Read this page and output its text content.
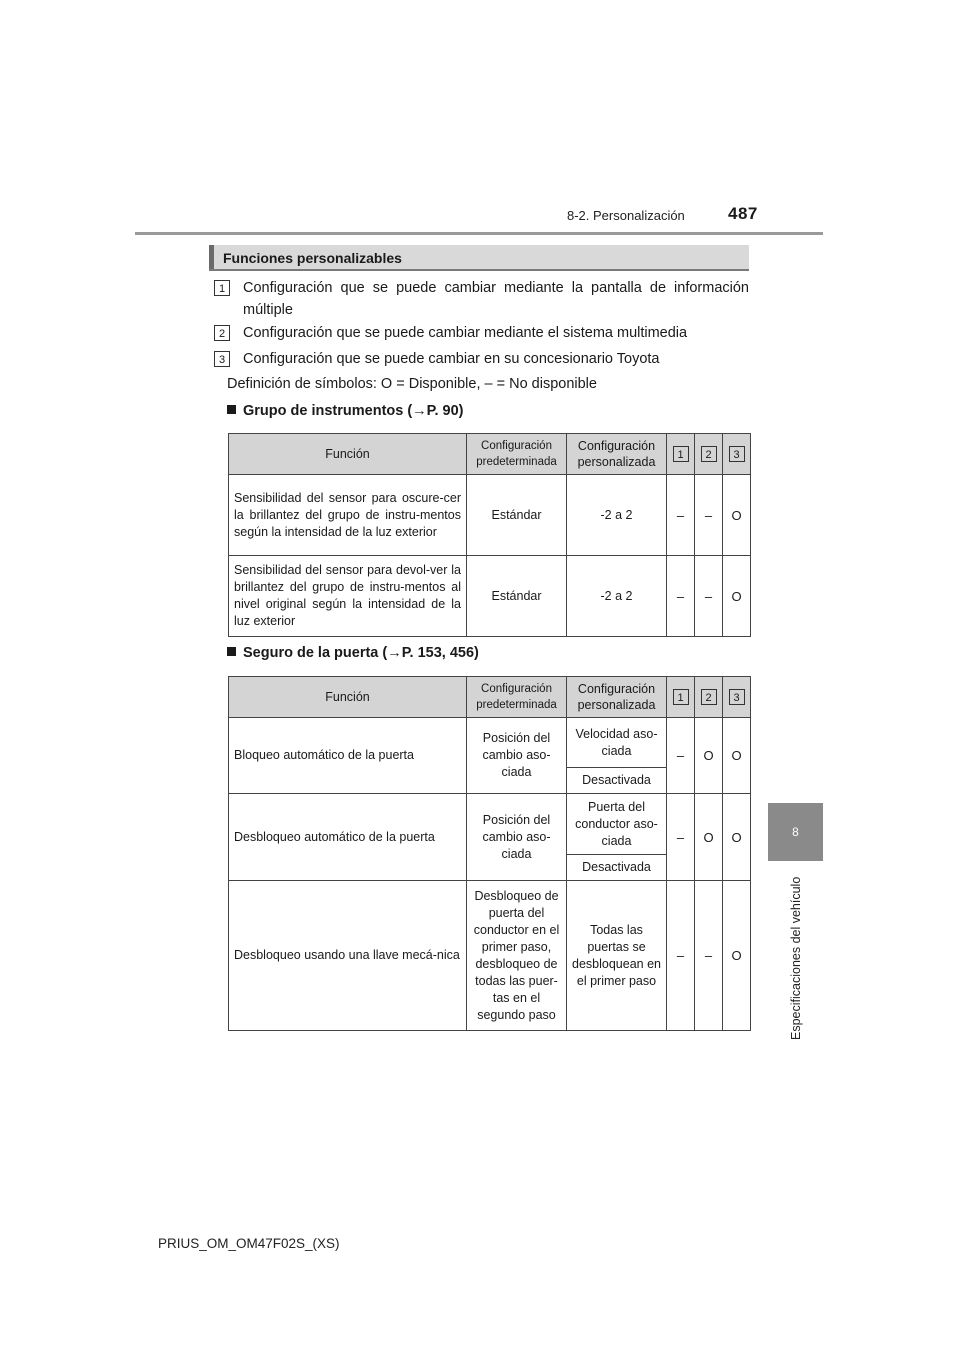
8-2. Personalización	487
8
Especificaciones del vehículo
Funciones personalizables
1	Configuración que se puede cambiar mediante la pantalla de información múltiple
2	Configuración que se puede cambiar mediante el sistema multimedia
3	Configuración que se puede cambiar en su concesionario Toyota
Definición de símbolos: O = Disponible, – = No disponible
Grupo de instrumentos (→P. 90)
Función	Configuración predeterminada	Configuración personalizada	1	2	3
Sensibilidad del sensor para oscure-cer la brillantez del grupo de instru-mentos según la intensidad de la luz exterior	Estándar	-2 a 2	–	–	O
Sensibilidad del sensor para devol-ver la brillantez del grupo de instru-mentos al nivel original según la intensidad de la luz exterior	Estándar	-2 a 2	–	–	O
Seguro de la puerta (→P. 153, 456)
Función	Configuración predeterminada	Configuración personalizada	1	2	3
Bloqueo automático de la puerta	Posición del cambio aso-ciada	Velocidad aso-ciada	–	O	O
		Desactivada			
Desbloqueo automático de la puerta	Posición del cambio aso-ciada	Puerta del conductor aso-ciada	–	O	O
		Desactivada			
Desbloqueo usando una llave mecá-nica	Desbloqueo de puerta del conductor en el primer paso, desbloqueo de todas las puer-tas en el segundo paso	Todas las puertas se desbloquean en el primer paso	–	–	O
PRIUS_OM_OM47F02S_(XS)
